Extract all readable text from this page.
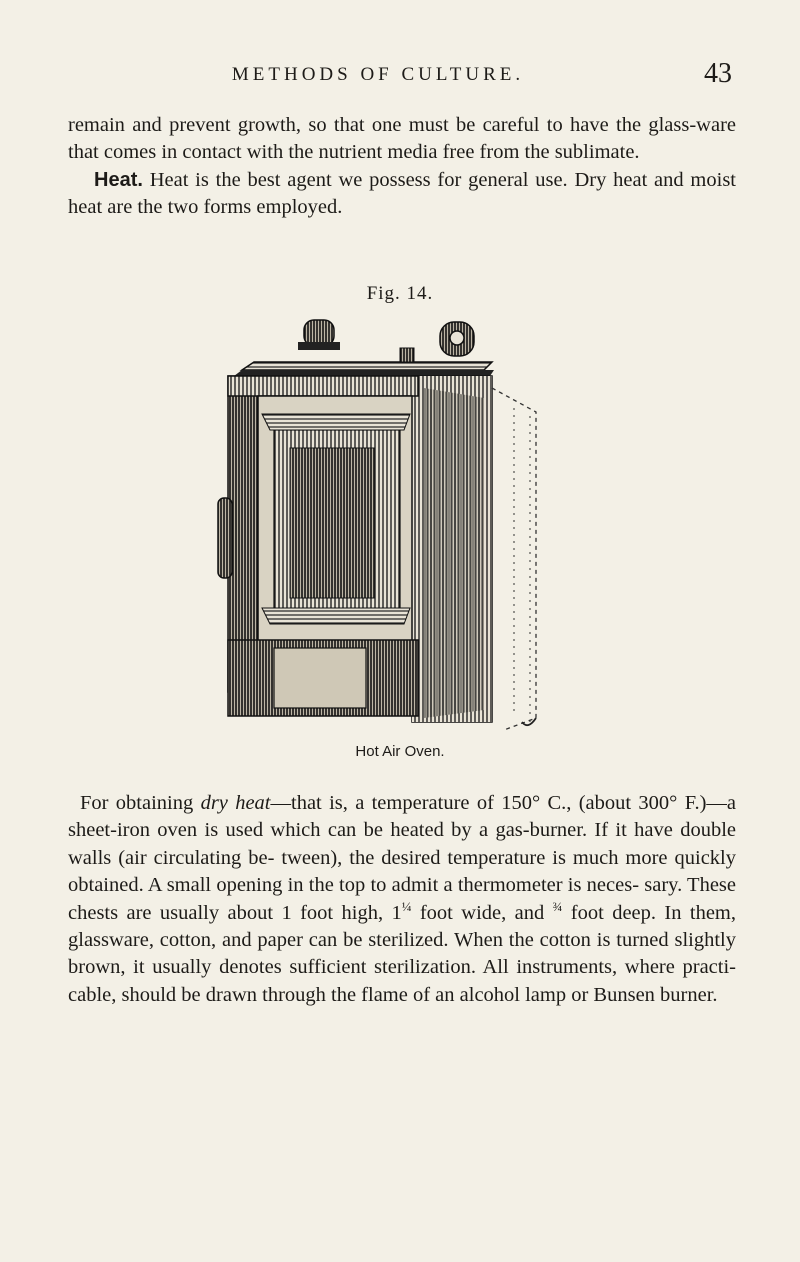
METHODS OF CULTURE.	43

remain and prevent growth, so that one must be careful to have the glass-ware that comes in contact with the nutrient media free from the sublimate.
Heat. Heat is the best agent we possess for general use. Dry heat and moist heat are the two forms employed.

Fig. 14.
Hot Air Oven.

For obtaining dry heat—that is, a temperature of 150° C., (about 300° F.)—a sheet-iron oven is used which can be heated by a gas-burner. If it have double walls (air circulating be- tween), the desired temperature is much more quickly obtained. A small opening in the top to admit a thermometer is neces- sary. These chests are usually about 1 foot high, $1^{\frac{1}{4}}$ foot wide, and $^{\frac{3}{4}}$ foot deep. In them, glassware, cotton, and paper can be sterilized. When the cotton is turned slightly brown, it usually denotes sufficient sterilization. All instruments, where practi- cable, should be drawn through the flame of an alcohol lamp or Bunsen burner.
